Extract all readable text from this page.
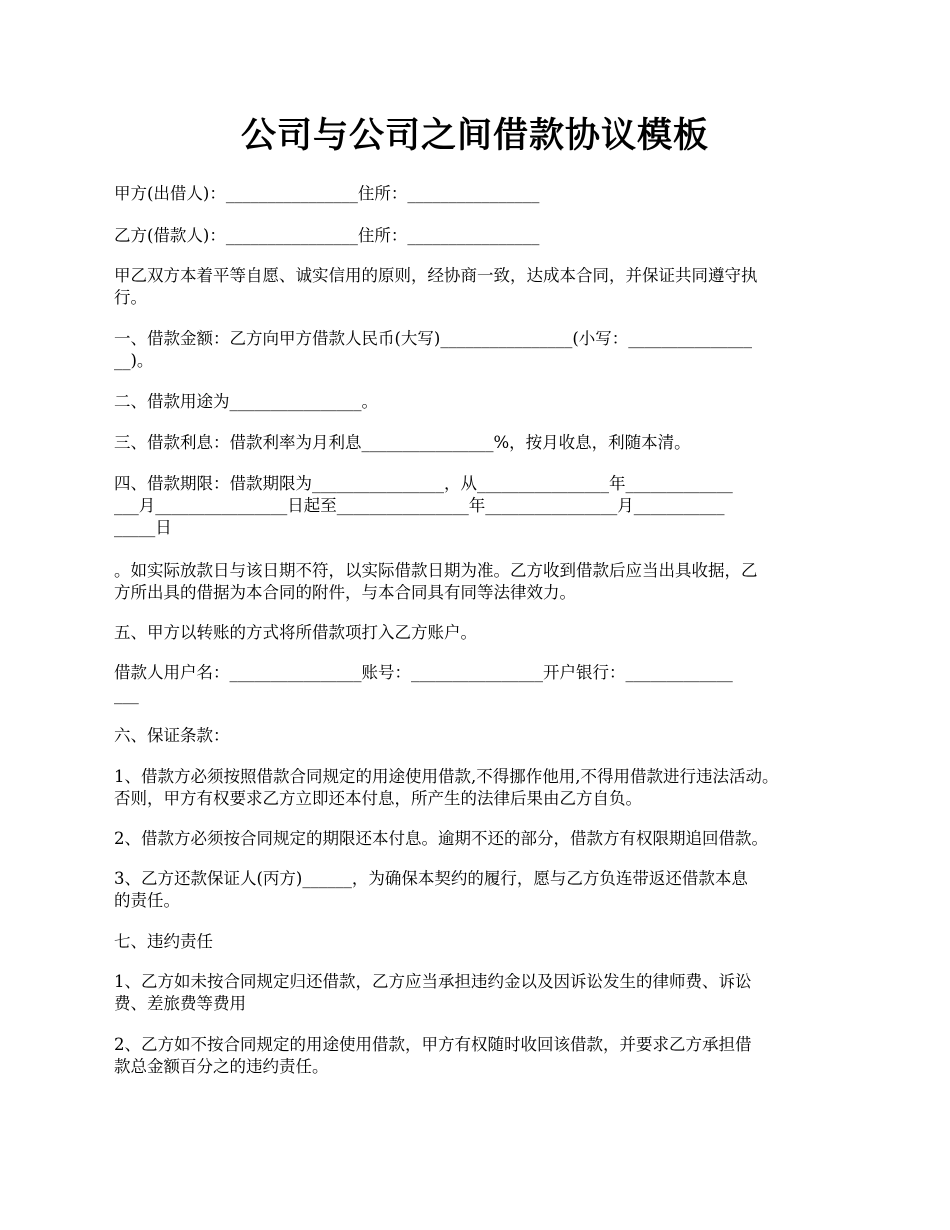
公司与公司之间借款协议模板

甲方(出借人)：________________住所：________________

乙方(借款人)：________________住所：________________

甲乙双方本着平等自愿、诚实信用的原则，经协商一致，达成本合同，并保证共同遵守执
行。

一、借款金额：乙方向甲方借款人民币(大写)________________(小写：_______________
__)。

二、借款用途为________________。

三、借款利息：借款利率为月利息________________%，按月收息，利随本清。

四、借款期限：借款期限为________________，从________________年_____________
___月________________日起至________________年________________月___________
_____日

。如实际放款日与该日期不符，以实际借款日期为准。乙方收到借款后应当出具收据，乙
方所出具的借据为本合同的附件，与本合同具有同等法律效力。

五、甲方以转账的方式将所借款项打入乙方账户。

借款人用户名：________________账号：________________开户银行：_____________
___

六、保证条款：

1、借款方必须按照借款合同规定的用途使用借款,不得挪作他用,不得用借款进行违法活动。
否则，甲方有权要求乙方立即还本付息，所产生的法律后果由乙方自负。

2、借款方必须按合同规定的期限还本付息。逾期不还的部分，借款方有权限期追回借款。

3、乙方还款保证人(丙方)______，为确保本契约的履行，愿与乙方负连带返还借款本息
的责任。

七、违约责任

1、乙方如未按合同规定归还借款，乙方应当承担违约金以及因诉讼发生的律师费、诉讼
费、差旅费等费用

2、乙方如不按合同规定的用途使用借款，甲方有权随时收回该借款，并要求乙方承担借
款总金额百分之的违约责任。
